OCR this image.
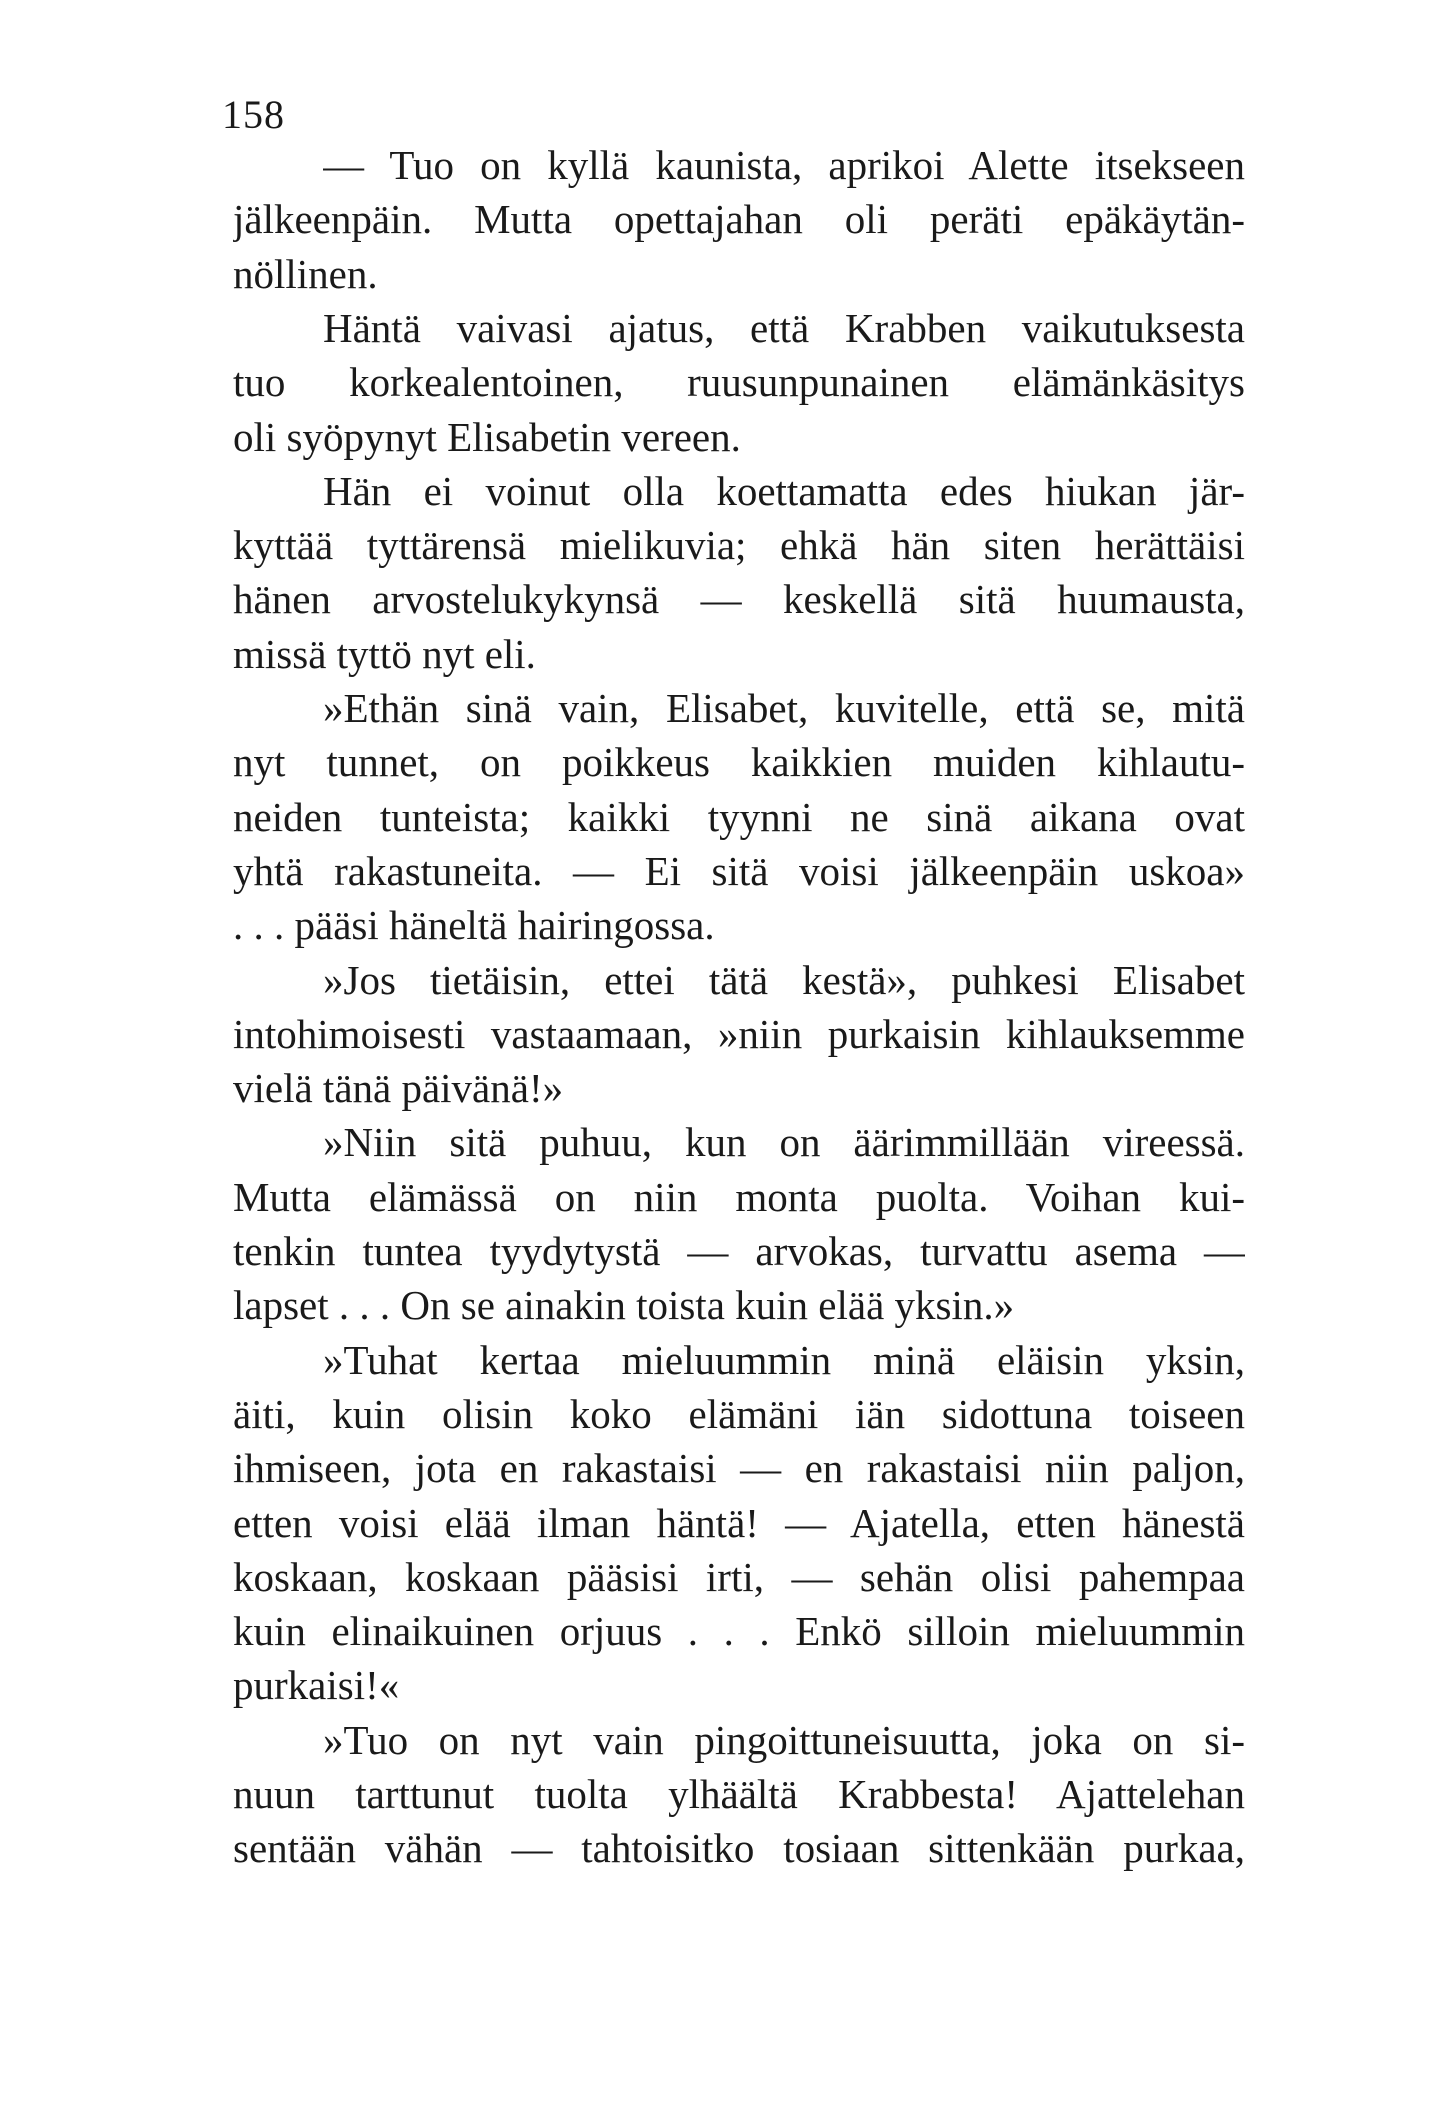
158
— Tuo on kyllä kaunista, aprikoi Alette itsekseen
jälkeenpäin. Mutta opettajahan oli peräti epäkäytän-
nöllinen.
Häntä vaivasi ajatus, että Krabben vaikutuksesta
tuo korkealentoinen, ruusunpunainen elämänkäsitys
oli syöpynyt Elisabetin vereen.
Hän ei voinut olla koettamatta edes hiukan jär-
kyttää tyttärensä mielikuvia; ehkä hän siten herättäisi
hänen arvostelukykynsä — keskellä sitä huumausta,
missä tyttö nyt eli.
»Ethän sinä vain, Elisabet, kuvitelle, että se, mitä
nyt tunnet, on poikkeus kaikkien muiden kihlautu-
neiden tunteista; kaikki tyynni ne sinä aikana ovat
yhtä rakastuneita. — Ei sitä voisi jälkeenpäin uskoa»
. . . pääsi häneltä hairingossa.
»Jos tietäisin, ettei tätä kestä», puhkesi Elisabet
intohimoisesti vastaamaan, »niin purkaisin kihlauksemme
vielä tänä päivänä!»
»Niin sitä puhuu, kun on äärimmillään vireessä.
Mutta elämässä on niin monta puolta. Voihan kui-
tenkin tuntea tyydytystä — arvokas, turvattu asema —
lapset . . . On se ainakin toista kuin elää yksin.»
»Tuhat kertaa mieluummin minä eläisin yksin,
äiti, kuin olisin koko elämäni iän sidottuna toiseen
ihmiseen, jota en rakastaisi — en rakastaisi niin paljon,
etten voisi elää ilman häntä! — Ajatella, etten hänestä
koskaan, koskaan pääsisi irti, — sehän olisi pahempaa
kuin elinaikuinen orjuus . . . Enkö silloin mieluummin
purkaisi!«
»Tuo on nyt vain pingoittuneisuutta, joka on si-
nuun tarttunut tuolta ylhäältä Krabbesta! Ajattelehan
sentään vähän — tahtoisitko tosiaan sittenkään purkaa,
